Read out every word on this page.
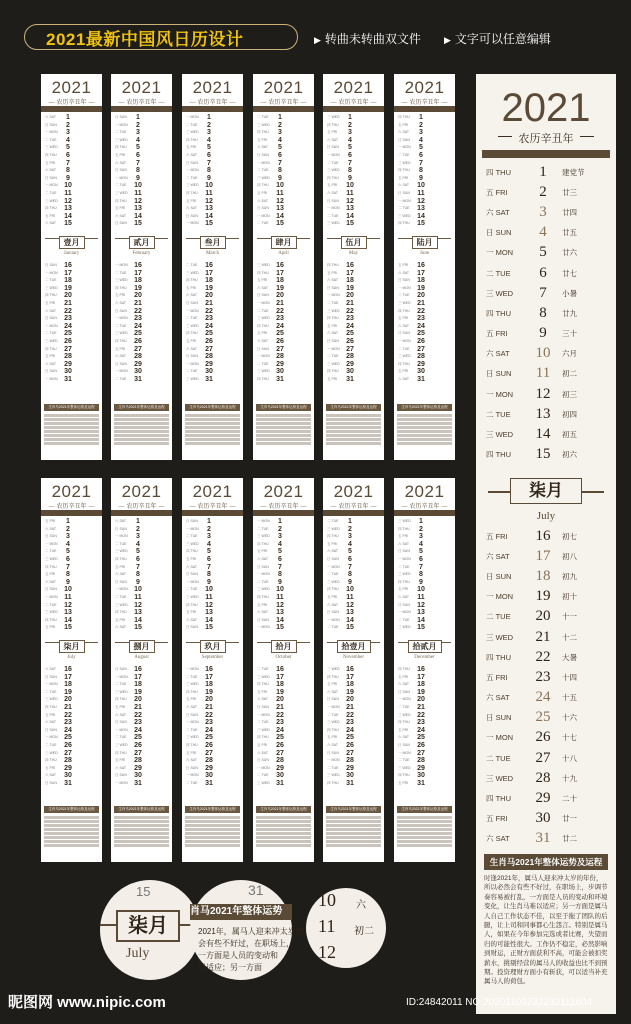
2021最新中国风日历设计	▶ 转曲未转曲双文件	▶ 文字可以任意编辑
2021
— 农历辛丑年 —
六 SAT	1
日 SUN	2
一 MON	3
二 TUE	4
三 WED	5
四 THU	6
五 FRI	7
六 SAT	8
日 SUN	9
一 MON 10
二 TUE	11
三 WED 12
四 THU	13
五 FRI	14
六 SAT	15
壹月
January
日 SUN	16
一 MON 17
二 TUE	18
三 WED 19
四 THU	20
五 FRI	21
六 SAT	22
日 SUN	23
一 MON 24
二 TUE	25
三 WED 26
四 THU	27
五 FRI	28
六 SAT	29
日 SUN	30
一 MON 31
生肖马2021年整体运势及运程
2021
— 农历辛丑年 —
日 SUN	1
一 MON	2
二 TUE	3
三 WED	4
四 THU	5
五 FRI	6
六 SAT	7
日 SUN	8
一 MON	9
二 TUE	10
三 WED 11
四 THU	12
五 FRI	13
六 SAT	14
日 SUN	15
贰月
February
一 MON 16
二 TUE	17
三 WED 18
四 THU	19
五 FRI	20
六 SAT	21
日 SUN	22
一 MON 23
二 TUE	24
三 WED 25
四 THU	26
五 FRI	27
六 SAT	28
日 SUN	29
一 MON 30
二 TUE	31
生肖马2021年整体运势及运程
2021
— 农历辛丑年 —
一 MON	1
二 TUE	2
三 WED	3
四 THU	4
五 FRI	5
六 SAT	6
日 SUN	7
一 MON	8
二 TUE	9
三 WED 10
四 THU	11
五 FRI	12
六 SAT	13
日 SUN	14
一 MON 15
叁月
March
二 TUE	16
三 WED 17
四 THU	18
五 FRI	19
六 SAT	20
日 SUN	21
一 MON 22
二 TUE	23
三 WED 24
四 THU	25
五 FRI	26
六 SAT	27
日 SUN	28
一 MON 29
二 TUE	30
三 WED 31
生肖马2021年整体运势及运程
2021
— 农历辛丑年 —
二 TUE	1
三 WED	2
四 THU	3
五 FRI	4
六 SAT	5
日 SUN	6
一 MON	7
二 TUE	8
三 WED	9
四 THU	10
五 FRI	11
六 SAT	12
日 SUN	13
一 MON 14
二 TUE	15
肆月
April
三 WED 16
四 THU	17
五 FRI	18
六 SAT	19
日 SUN	20
一 MON 21
二 TUE	22
三 WED 23
四 THU	24
五 FRI	25
六 SAT	26
日 SUN	27
一 MON 28
二 TUE	29
三 WED 30
四 THU	31
生肖马2021年整体运势及运程
2021
— 农历辛丑年 —
三 WED	1
四 THU	2
五 FRI	3
六 SAT	4
日 SUN	5
一 MON	6
二 TUE	7
三 WED	8
四 THU	9
五 FRI	10
六 SAT	11
日 SUN	12
一 MON 13
二 TUE	14
三 WED 15
伍月
May
四 THU	16
五 FRI	17
六 SAT	18
日 SUN	19
一 MON 20
二 TUE	21
三 WED 22
四 THU	23
五 FRI	24
六 SAT	25
日 SUN	26
一 MON 27
二 TUE	28
三 WED 29
四 THU	30
五 FRI	31
生肖马2021年整体运势及运程
2021
— 农历辛丑年 —
四 THU	1
五 FRI	2
六 SAT	3
日 SUN	4
一 MON	5
二 TUE	6
三 WED	7
四 THU	8
五 FRI	9
六 SAT	10
日 SUN	11
一 MON 12
二 TUE	13
三 WED 14
四 THU	15
陆月
June
五 FRI	16
六 SAT	17
日 SUN	18
一 MON 19
二 TUE	20
三 WED 21
四 THU	22
五 FRI	23
六 SAT	24
日 SUN	25
一 MON 26
二 TUE	27
三 WED 28
四 THU	29
五 FRI	30
六 SAT	31
生肖马2021年整体运势及运程
2021
— 农历辛丑年 —
五 FRI	1
六 SAT	2
日 SUN	3
一 MON	4
二 TUE	5
三 WED	6
四 THU	7
五 FRI	8
六 SAT	9
日 SUN	10
一 MON 11
二 TUE	12
三 WED 13
四 THU	14
五 FRI	15
柒月
July
六 SAT	16
日 SUN	17
一 MON 18
二 TUE	19
三 WED 20
四 THU	21
五 FRI	22
六 SAT	23
日 SUN	24
一 MON 25
二 TUE	26
三 WED 27
四 THU	28
五 FRI	29
六 SAT	30
日 SUN	31
生肖马2021年整体运势及运程
2021
— 农历辛丑年 —
六 SAT	1
日 SUN	2
一 MON	3
二 TUE	4
三 WED	5
四 THU	6
五 FRI	7
六 SAT	8
日 SUN	9
一 MON 10
二 TUE	11
三 WED 12
四 THU	13
五 FRI	14
六 SAT	15
捌月
August
日 SUN	16
一 MON 17
二 TUE	18
三 WED 19
四 THU	20
五 FRI	21
六 SAT	22
日 SUN	23
一 MON 24
二 TUE	25
三 WED 26
四 THU	27
五 FRI	28
六 SAT	29
日 SUN	30
一 MON 31
生肖马2021年整体运势及运程
2021
— 农历辛丑年 —
日 SUN	1
一 MON	2
二 TUE	3
三 WED	4
四 THU	5
五 FRI	6
六 SAT	7
日 SUN	8
一 MON	9
二 TUE	10
三 WED 11
四 THU	12
五 FRI	13
六 SAT	14
日 SUN	15
玖月
September
一 MON 16
二 TUE	17
三 WED 18
四 THU	19
五 FRI	20
六 SAT	21
日 SUN	22
一 MON 23
二 TUE	24
三 WED 25
四 THU	26
五 FRI	27
六 SAT	28
日 SUN	29
一 MON 30
二 TUE	31
生肖马2021年整体运势及运程
2021
— 农历辛丑年 —
一 MON	1
二 TUE	2
三 WED	3
四 THU	4
五 FRI	5
六 SAT	6
日 SUN	7
一 MON	8
二 TUE	9
三 WED 10
四 THU	11
五 FRI	12
六 SAT	13
日 SUN	14
一 MON 15
拾月
October
二 TUE	16
三 WED 17
四 THU	18
五 FRI	19
六 SAT	20
日 SUN	21
一 MON 22
二 TUE	23
三 WED 24
四 THU	25
五 FRI	26
六 SAT	27
日 SUN	28
一 MON 29
二 TUE	30
三 WED 31
生肖马2021年整体运势及运程
2021
— 农历辛丑年 —
二 TUE	1
三 WED	2
四 THU	3
五 FRI	4
六 SAT	5
日 SUN	6
一 MON	7
二 TUE	8
三 WED	9
四 THU	10
五 FRI	11
六 SAT	12
日 SUN	13
一 MON 14
二 TUE	15
拾壹月
November
三 WED 16
四 THU	17
五 FRI	18
六 SAT	19
日 SUN	20
一 MON 21
二 TUE	22
三 WED 23
四 THU	24
五 FRI	25
六 SAT	26
日 SUN	27
一 MON 28
二 TUE	29
三 WED 30
四 THU	31
生肖马2021年整体运势及运程
2021
— 农历辛丑年 —
三 WED	1
四 THU	2
五 FRI	3
六 SAT	4
日 SUN	5
一 MON	6
二 TUE	7
三 WED	8
四 THU	9
五 FRI	10
六 SAT	11
日 SUN	12
一 MON 13
二 TUE	14
三 WED 15
拾贰月
December
四 THU	16
五 FRI	17
六 SAT	18
日 SUN	19
一 MON 20
二 TUE	21
三 WED 22
四 THU	23
五 FRI	24
六 SAT	25
日 SUN	26
一 MON 27
二 TUE	28
三 WED 29
四 THU	30
五 FRI	31
生肖马2021年整体运势及运程
2021
农历辛丑年
四 THU	1	建党节
五 FRI	2	廿三
六 SAT	3	廿四
日 SUN	4	廿五
一 MON	5	廿六
二 TUE	6	廿七
三 WED	7	小暑
四 THU	8	廿九
五 FRI	9	三十
六 SAT	10	六月
日 SUN	11	初二
一 MON	12	初三
二 TUE	13	初四
三 WED	14	初五
四 THU	15	初六
柒月
July
五 FRI	16	初七
六 SAT	17	初八
日 SUN	18	初九
一 MON	19	初十
二 TUE	20	十一
三 WED	21	十二
四 THU	22	大暑
五 FRI	23	十四
六 SAT	24	十五
日 SUN	25	十六
一 MON	26	十七
二 TUE	27	十八
三 WED	28	十九
四 THU	29	二十
五 FRI	30	廿一
六 SAT	31	廿二
生肖马2021年整体运势及运程
时逢2021年，属马人迎来冲太岁的年份，所以必然会有些不好过，在职场上，步调节奏容易被打乱，一方面是人员的变动和环境变化，让生肖马难以适应；另一方面是属马人自己工作状态不佳，以至于拖了团队的后腿，让上司和同事都心生怨言。特别是属马人，如果在今年参加完选或者比赛，失望而归的可能性很大。工作仍不稳定，必然影响到财运，正财方面获利不高，可能会被扣奖薪水，挑剔经营的属马人的收益也比不到预期。投资理财方面小有斩获，可以适当补充属马人的荷包。
15
柒月
July
31
肖马2021年整体运势
2021年，属马人迎来冲太岁的
会有些不好过，在职场上，
一方面是人员的变动和
以适应；另一方面
10 六
11 初二
12
昵图网 www.nipic.com	ID:24842011 NO:20201109232232111604
